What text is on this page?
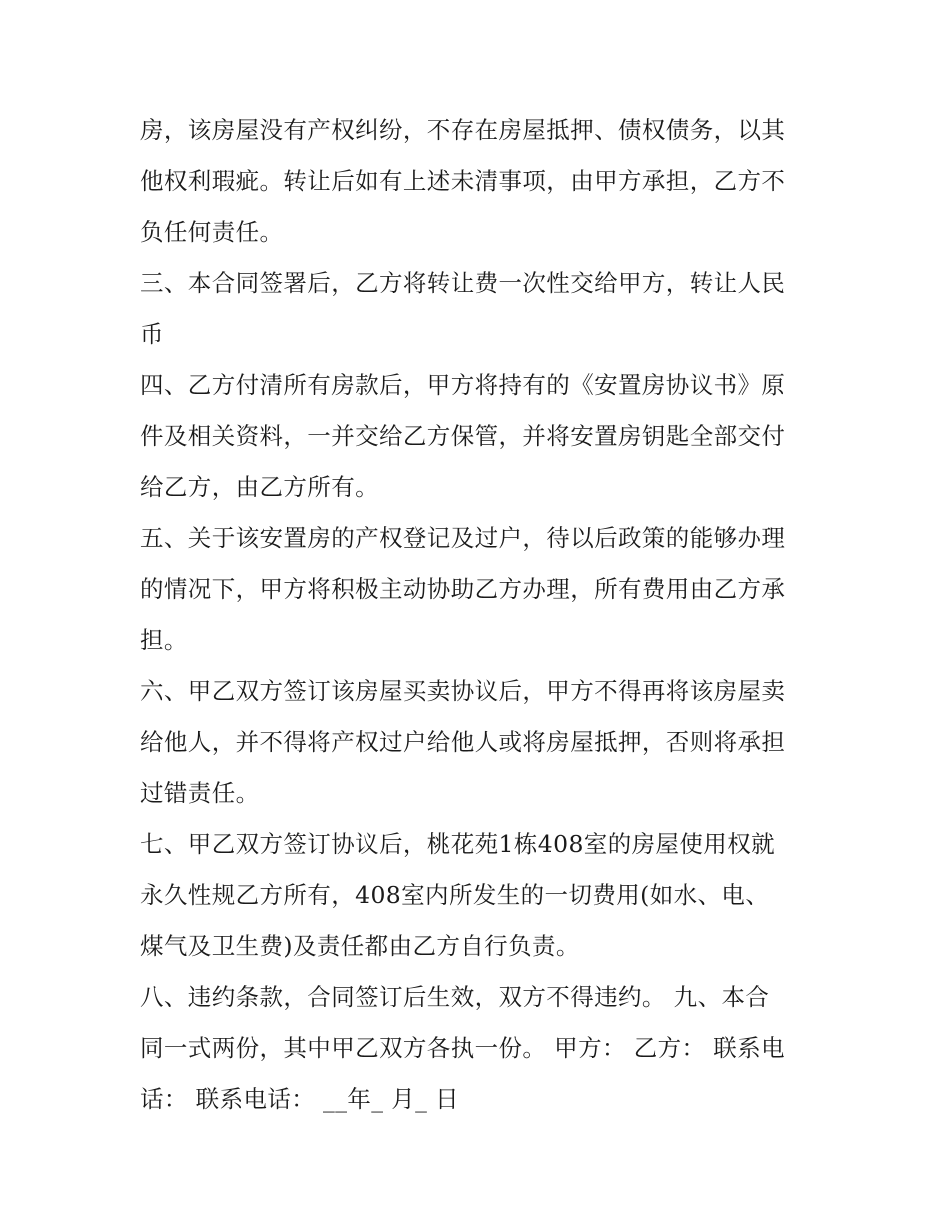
房，该房屋没有产权纠纷，不存在房屋抵押、债权债务，以其
他权利瑕疵。转让后如有上述未清事项，由甲方承担，乙方不
负任何责任。
三、本合同签署后，乙方将转让费一次性交给甲方，转让人民
币
四、乙方付清所有房款后，甲方将持有的《安置房协议书》原
件及相关资料，一并交给乙方保管，并将安置房钥匙全部交付
给乙方，由乙方所有。
五、关于该安置房的产权登记及过户，待以后政策的能够办理
的情况下，甲方将积极主动协助乙方办理，所有费用由乙方承
担。
六、甲乙双方签订该房屋买卖协议后，甲方不得再将该房屋卖
给他人，并不得将产权过户给他人或将房屋抵押，否则将承担
过错责任。
七、甲乙双方签订协议后，桃花苑1栋408室的房屋使用权就
永久性规乙方所有，408室内所发生的一切费用(如水、电、
煤气及卫生费)及责任都由乙方自行负责。
八、违约条款，合同签订后生效，双方不得违约。 九、本合
同一式两份，其中甲乙双方各执一份。 甲方： 乙方： 联系电
话： 联系电话： __年_ 月_ 日
